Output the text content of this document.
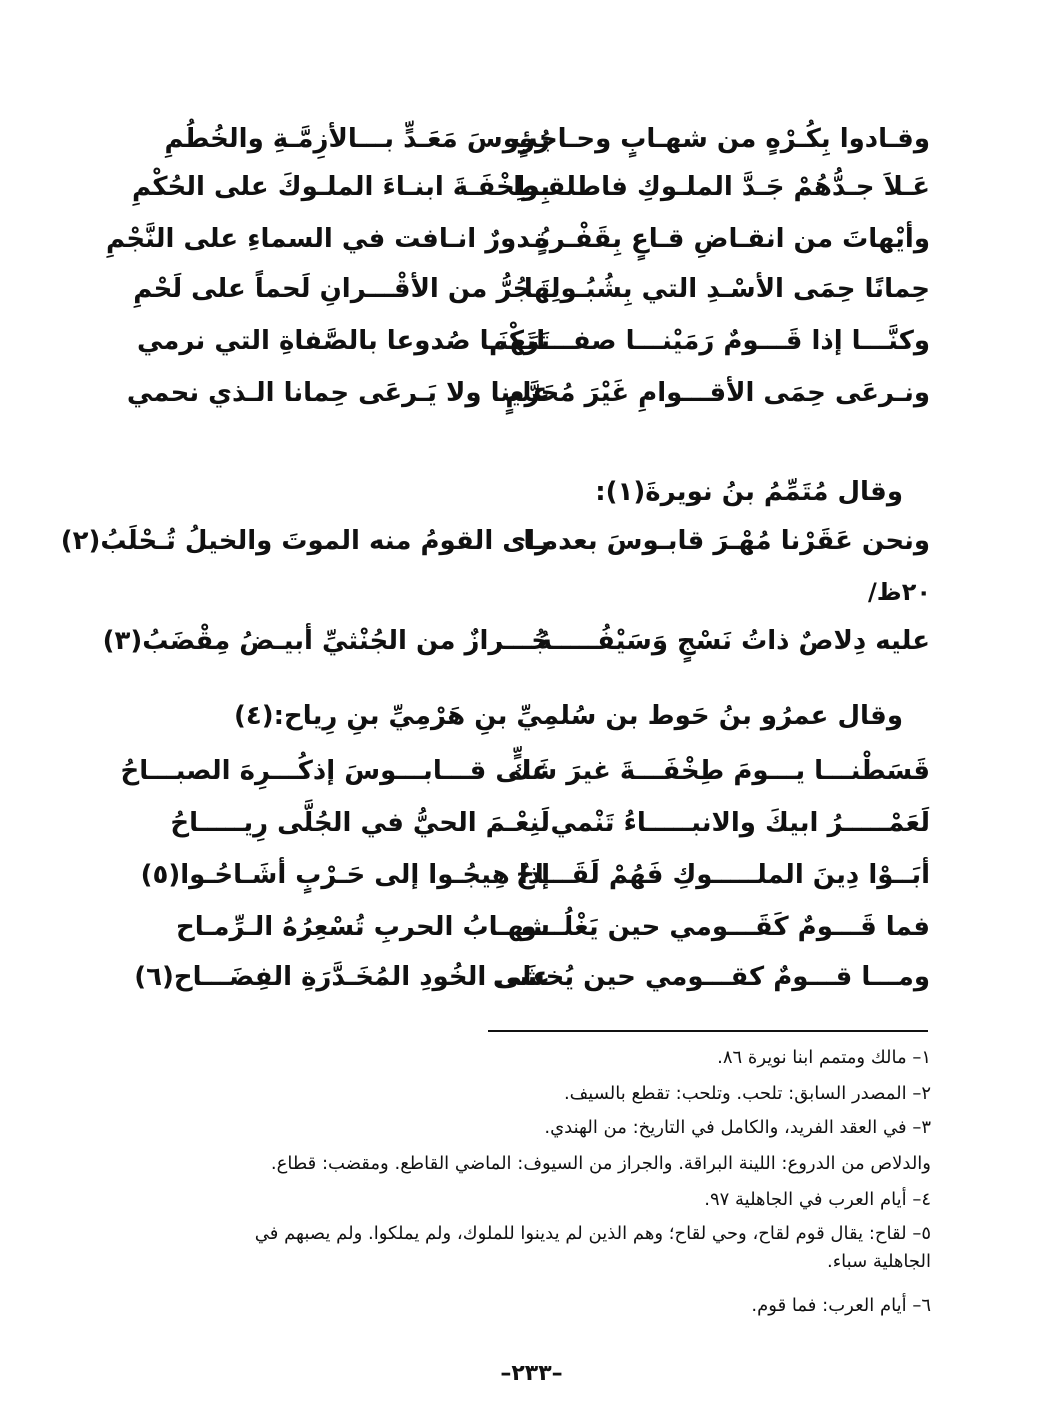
وقـادوا بِكُـرْهٍ من شهـابٍ وحـاجبٍ
رُؤوسَ مَعَـدٍّ بـــالأزِمَّـةِ والخُطُمِ
عَـلاَ جـدُّهُمْ جَـدَّ الملـوكِ فاطلقـوا
بِطِخْفَـةَ ابنـاءَ الملـوكَ على الحُكْمِ
وأيْهاتَ من انقـاضِ قـاعٍ بِقَفْـرةٍ
بُـدورٌ انـافت في السماءِ على النَّجْمِ
حِمانًا حِمَى الأسْـدِ التي بِشُبُـولِها
تَـجُرُّ من الأقْـــرانِ لَحماً على لَحْمِ
وكنَّـــا إذا قَـــومٌ رَمَيْنـــا صفـــاتَهم
تَرَكْنَـا صُدوعا بالصَّفاةِ التي نرمي
ونـرعَى حِمَى الأقـــوامِ غَيْرَ مُحَرَّمٍ
علينا ولا يَـرعَى حِمانا الـذي نحمي
وقال مُتَمِّمُ بنُ نويرةَ(١):
ونحن عَقَرْنا مُهْـرَ قابـوسَ بعدمـا
راى القومُ منه الموتَ والخيلُ تُـحْلَبُ(٢)
٢٠ظ/
عليه دِلاصٌ ذاتُ نَسْجٍ وَسَيْفُـــــهُ
جُـــرازٌ من الجُنْثيِّ أبيـضُ مِقْضَبُ(٣)
وقال عمرُو بنُ حَوط بن سُلمِيِّ بنِ هَرْمِيِّ بنِ رِياح:(٤)
قَسَطْنـــا يـــومَ طِخْفَـــةَ غيرَ شَكٍّ
على قـــابـــوسَ إذكُـــرِهَ الصبـــاحُ
لَعَمْـــــرُ ابيكَ والانبـــــاءُ تَنْمي
لَنِعْـمَ الحيُّ في الجُلَّى رِيـــــاحُ
أبَــوْا دِينَ الملـــــوكِ فَهُمْ لَقَـــاحٌ
إذا هِيجُـوا إلى حَـرْبٍ أشَـاحُـوا(٥)
فما قَـــومٌ كَقَـــومي حين يَغْلُـــو
شهـابُ الحربِ تُسْعِرُهُ الـرِّمـاح
ومـــا قـــومٌ كقـــومي حين يُخشَى
على الخُودِ المُخَـدَّرَةِ الفِضَـــاح(٦)
١– مالك ومتمم ابنا نويرة ٨٦.
٢– المصدر السابق: تلحب. وتلحب: تقطع بالسيف.
٣– في العقد الفريد، والكامل في التاريخ: من الهندي.
والدلاص من الدروع: اللينة البراقة. والجراز من السيوف: الماضي القاطع. ومقضب: قطاع.
٤– أيام العرب في الجاهلية ٩٧.
٥– لقاح: يقال قوم لقاح، وحي لقاح؛ وهم الذين لم يدينوا للملوك، ولم يملكوا. ولم يصبهم في الجاهلية سباء.
٦– أيام العرب: فما قوم.
–٢٣٣–
